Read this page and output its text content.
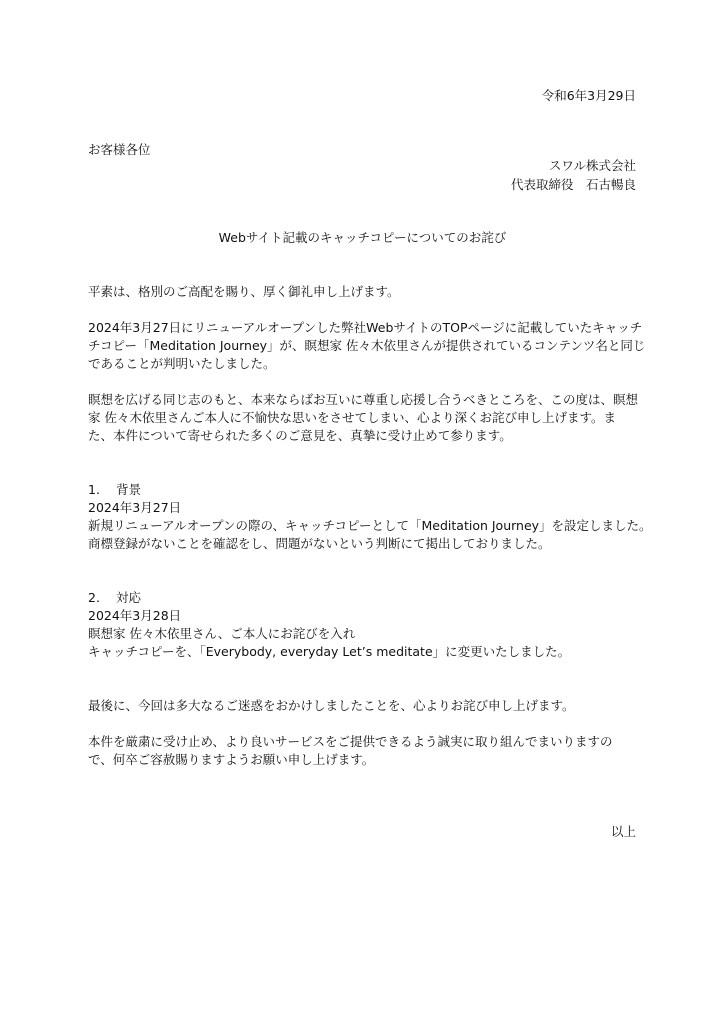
令和6年3月29日
お客様各位
スワル株式会社
代表取締役　石古暢良
Webサイト記載のキャッチコピーについてのお詫び
平素は、格別のご高配を賜り、厚く御礼申し上げます。
2024年3月27日にリニューアルオープンした弊社WebサイトのTOPページに記載していたキャッチ
チコピー「Meditation Journey」が、瞑想家 佐々木依里さんが提供されているコンテンツ名と同じ
であることが判明いたしました。
瞑想を広げる同じ志のもと、本来ならばお互いに尊重し応援し合うべきところを、この度は、瞑想
家 佐々木依里さんご本人に不愉快な思いをさせてしまい、心より深くお詫び申し上げます。ま
た、本件について寄せられた多くのご意見を、真摯に受け止めて参ります。
1. 背景
2024年3月27日
新規リニューアルオープンの際の、キャッチコピーとして「Meditation Journey」を設定しました。
商標登録がないことを確認をし、問題がないという判断にて掲出しておりました。
2. 対応
2024年3月28日
瞑想家 佐々木依里さん、ご本人にお詫びを入れ
キャッチコピーを、「Everybody, everyday Let’s meditate」に変更いたしました。
最後に、今回は多大なるご迷惑をおかけしましたことを、心よりお詫び申し上げます。
本件を厳粛に受け止め、より良いサービスをご提供できるよう誠実に取り組んでまいりますの
で、何卒ご容赦賜りますようお願い申し上げます。
以上
